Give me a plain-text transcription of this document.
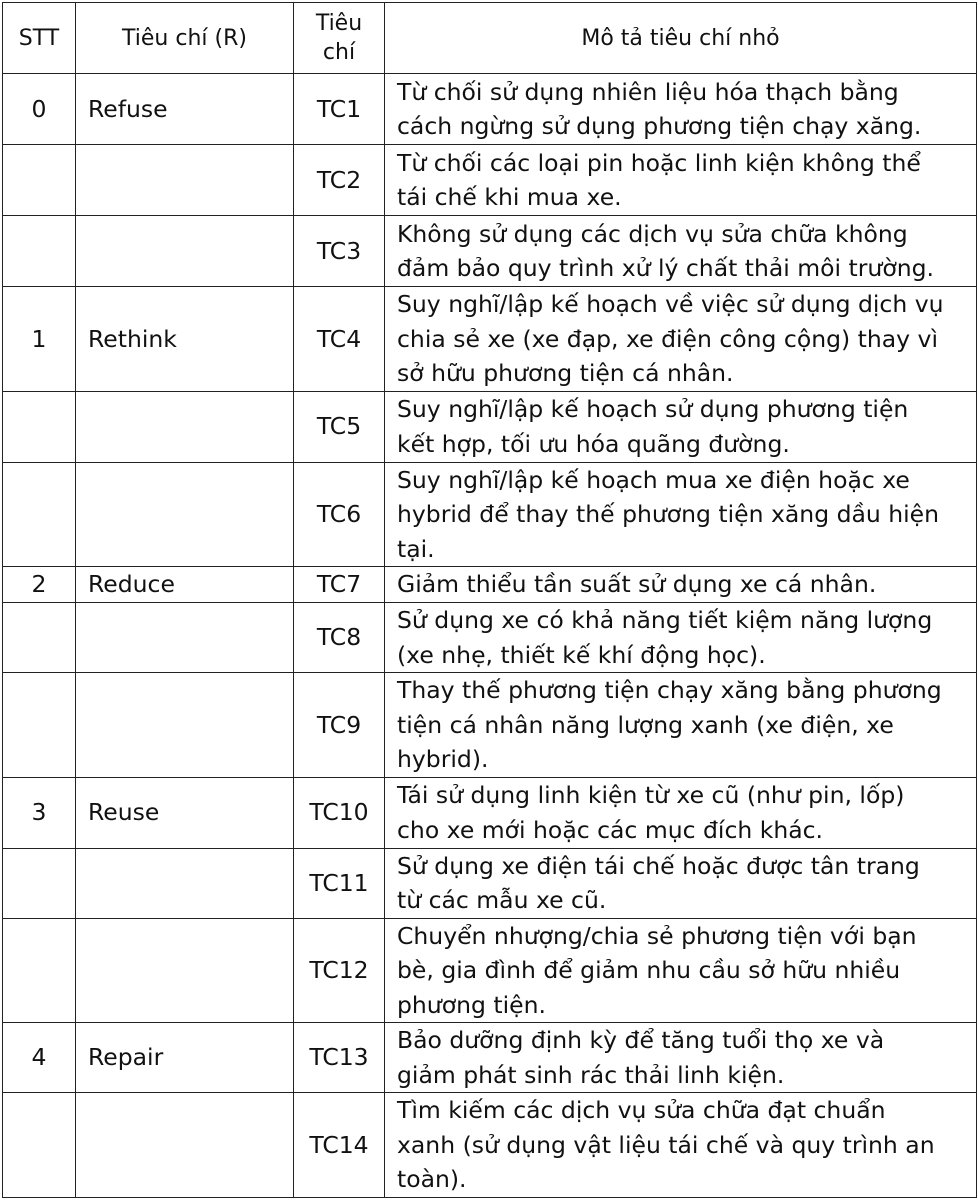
STT	Tiêu chí (R)	Tiêu
chí	Mô tả tiêu chí nhỏ
0	Refuse	TC1	Từ chối sử dụng nhiên liệu hóa thạch bằng
cách ngừng sử dụng phương tiện chạy xăng.
		TC2	Từ chối các loại pin hoặc linh kiện không thể
tái chế khi mua xe.
		TC3	Không sử dụng các dịch vụ sửa chữa không
đảm bảo quy trình xử lý chất thải môi trường.
1	Rethink	TC4	Suy nghĩ/lập kế hoạch về việc sử dụng dịch vụ
chia sẻ xe (xe đạp, xe điện công cộng) thay vì
sở hữu phương tiện cá nhân.
		TC5	Suy nghĩ/lập kế hoạch sử dụng phương tiện
kết hợp, tối ưu hóa quãng đường.
		TC6	Suy nghĩ/lập kế hoạch mua xe điện hoặc xe
hybrid để thay thế phương tiện xăng dầu hiện
tại.
2	Reduce	TC7	Giảm thiểu tần suất sử dụng xe cá nhân.
		TC8	Sử dụng xe có khả năng tiết kiệm năng lượng
(xe nhẹ, thiết kế khí động học).
		TC9	Thay thế phương tiện chạy xăng bằng phương
tiện cá nhân năng lượng xanh (xe điện, xe
hybrid).
3	Reuse	TC10	Tái sử dụng linh kiện từ xe cũ (như pin, lốp)
cho xe mới hoặc các mục đích khác.
		TC11	Sử dụng xe điện tái chế hoặc được tân trang
từ các mẫu xe cũ.
		TC12	Chuyển nhượng/chia sẻ phương tiện với bạn
bè, gia đình để giảm nhu cầu sở hữu nhiều
phương tiện.
4	Repair	TC13	Bảo dưỡng định kỳ để tăng tuổi thọ xe và
giảm phát sinh rác thải linh kiện.
		TC14	Tìm kiếm các dịch vụ sửa chữa đạt chuẩn
xanh (sử dụng vật liệu tái chế và quy trình an
toàn).
